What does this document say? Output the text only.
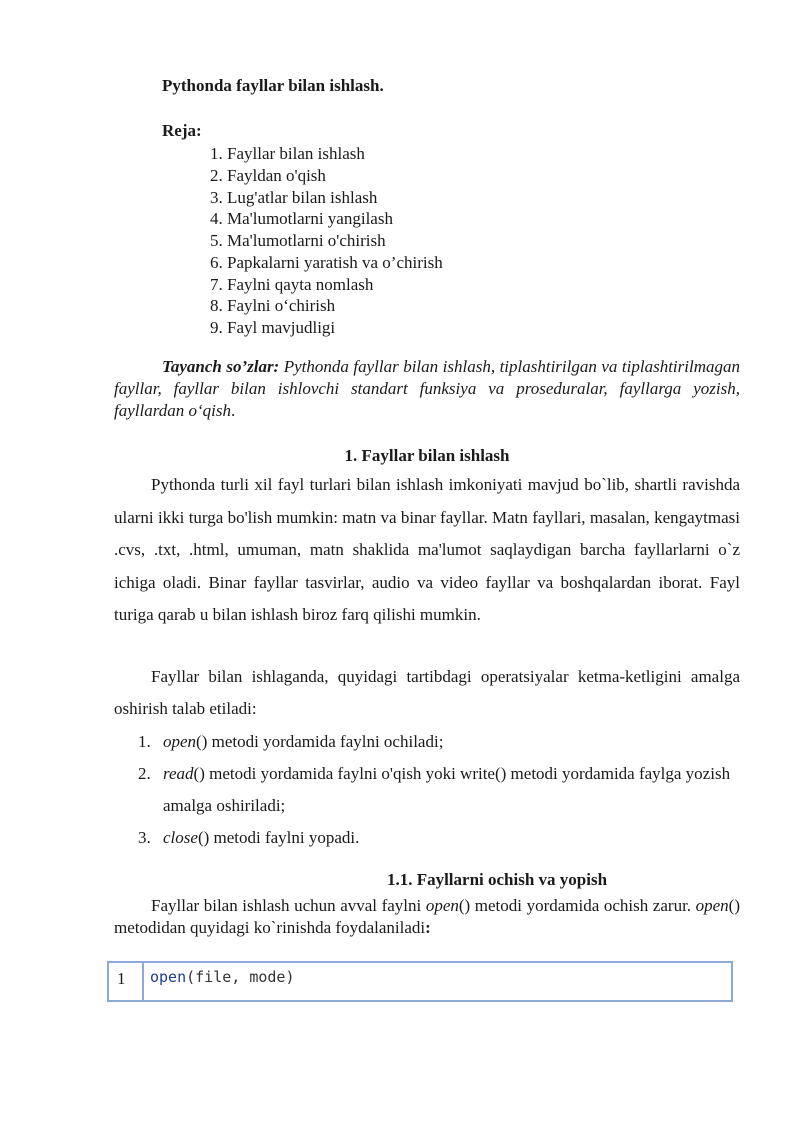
Pythonda fayllar bilan ishlash.

Reja:

1. Fayllar bilan ishlash
2. Fayldan o'qish
3. Lug'atlar bilan ishlash
4. Ma'lumotlarni yangilash
5. Ma'lumotlarni o'chirish
6. Papkalarni yaratish va o’chirish
7. Faylni qayta nomlash
8. Faylni o‘chirish
9. Fayl mavjudligi

Tayanch so’zlar: Pythonda fayllar bilan ishlash, tiplashtirilgan va tiplashtirilmagan fayllar, fayllar bilan ishlovchi standart funksiya va proseduralar, fayllarga yozish, fayllardan o‘qish.

1. Fayllar bilan ishlash

Pythonda turli xil fayl turlari bilan ishlash imkoniyati mavjud bo`lib, shartli ravishda ularni ikki turga bo'lish mumkin: matn va binar fayllar. Matn fayllari, masalan, kengaytmasi .cvs, .txt, .html, umuman, matn shaklida ma'lumot saqlaydigan barcha fayllarlarni o`z ichiga oladi. Binar fayllar tasvirlar, audio va video fayllar va boshqalardan iborat. Fayl turiga qarab u bilan ishlash biroz farq qilishi mumkin.

Fayllar bilan ishlaganda, quyidagi tartibdagi operatsiyalar ketma-ketligini amalga oshirish talab etiladi:

1. open() metodi yordamida faylni ochiladi;
2. read() metodi yordamida faylni o'qish yoki write() metodi yordamida faylga yozish amalga oshiriladi;
3. close() metodi faylni yopadi.

1.1. Fayllarni ochish va yopish

Fayllar bilan ishlash uchun avval faylni open() metodi yordamida ochish zarur. open() metodidan quyidagi ko`rinishda foydalaniladi:

1	open(file, mode)
